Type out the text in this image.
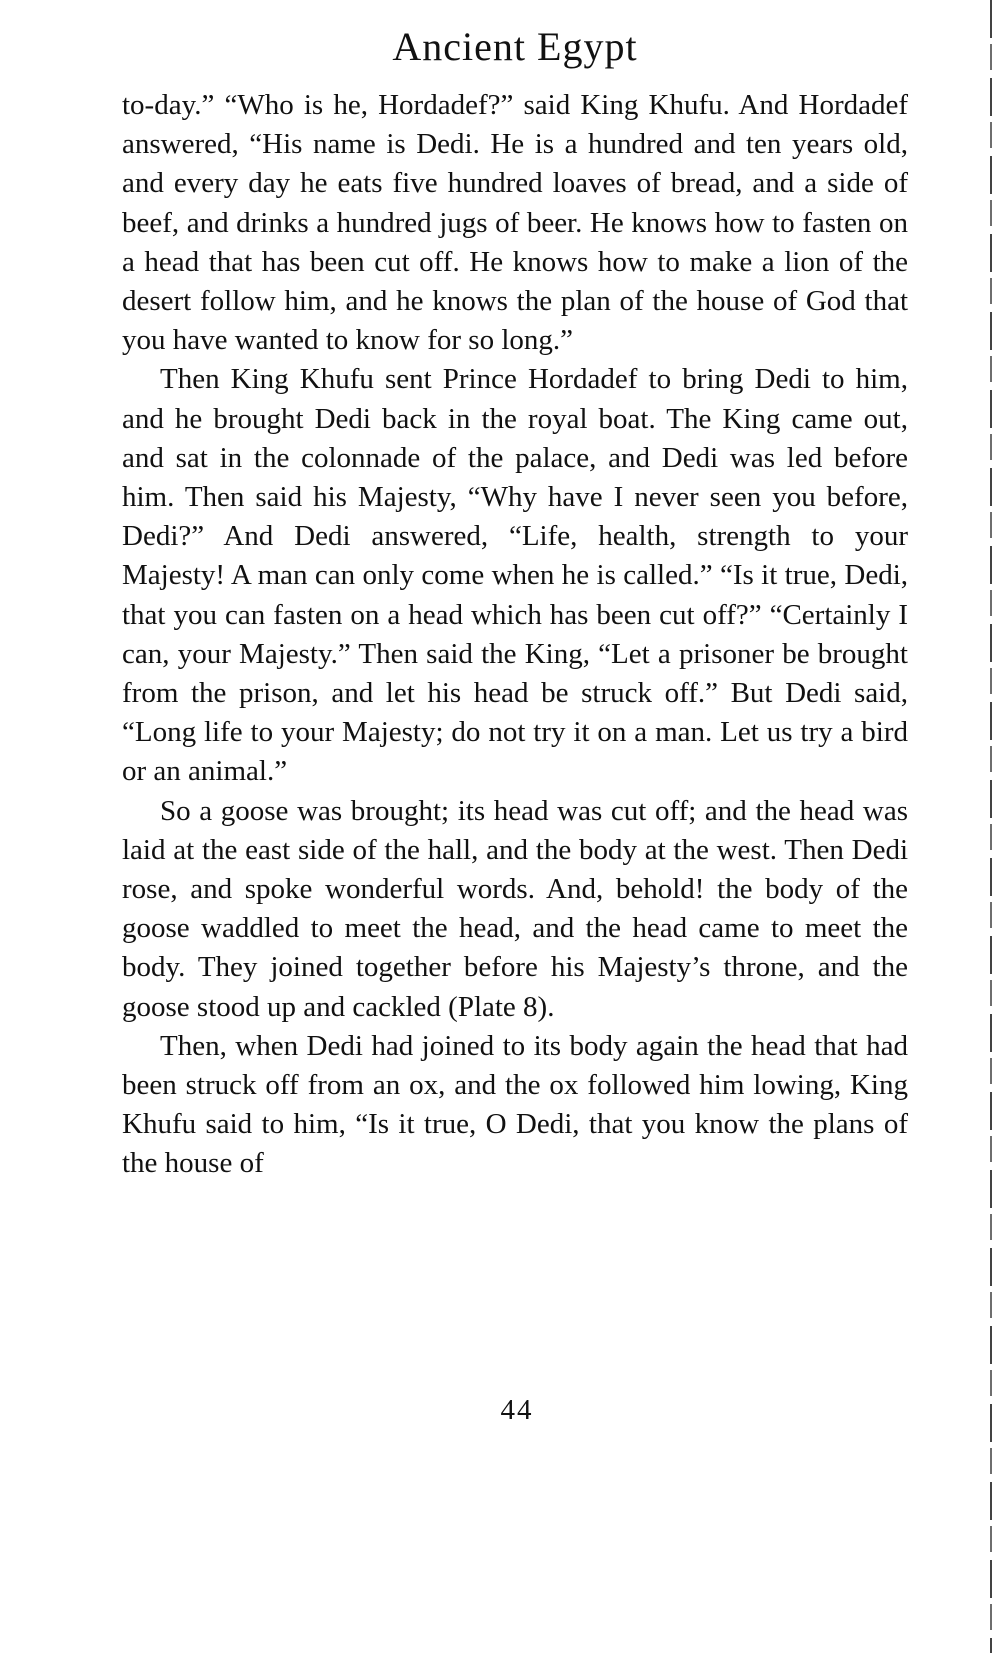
Ancient Egypt

to-day.” “Who is he, Hordadef?” said King Khufu. And Hordadef answered, “His name is Dedi. He is a hundred and ten years old, and every day he eats five hundred loaves of bread, and a side of beef, and drinks a hundred jugs of beer. He knows how to fasten on a head that has been cut off. He knows how to make a lion of the desert follow him, and he knows the plan of the house of God that you have wanted to know for so long.”

Then King Khufu sent Prince Hordadef to bring Dedi to him, and he brought Dedi back in the royal boat. The King came out, and sat in the colonnade of the palace, and Dedi was led before him. Then said his Majesty, “Why have I never seen you before, Dedi?” And Dedi answered, “Life, health, strength to your Majesty! A man can only come when he is called.” “Is it true, Dedi, that you can fasten on a head which has been cut off?” “Certainly I can, your Majesty.” Then said the King, “Let a prisoner be brought from the prison, and let his head be struck off.” But Dedi said, “Long life to your Majesty; do not try it on a man. Let us try a bird or an animal.”

So a goose was brought; its head was cut off; and the head was laid at the east side of the hall, and the body at the west. Then Dedi rose, and spoke wonderful words. And, behold! the body of the goose waddled to meet the head, and the head came to meet the body. They joined together before his Majesty’s throne, and the goose stood up and cackled (Plate 8).

Then, when Dedi had joined to its body again the head that had been struck off from an ox, and the ox followed him lowing, King Khufu said to him, “Is it true, O Dedi, that you know the plans of the house of

44
